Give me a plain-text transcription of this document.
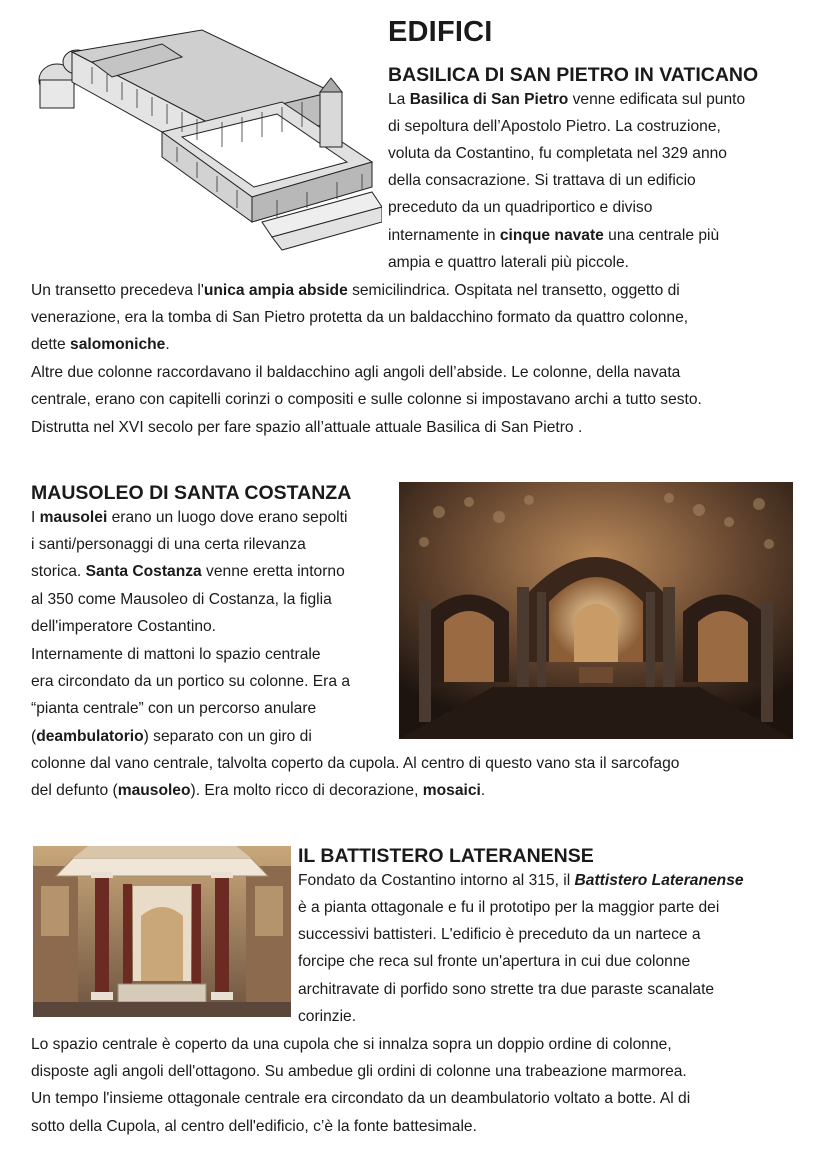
EDIFICI
BASILICA DI SAN PIETRO IN VATICANO
La Basilica di San Pietro venne edificata sul punto
di sepoltura dell’Apostolo Pietro. La costruzione,
voluta da Costantino, fu completata nel 329 anno
della consacrazione. Si trattava di un edificio
preceduto da un quadriportico e diviso
internamente in cinque navate una centrale più
ampia e quattro laterali più piccole.
Un transetto precedeva l'unica ampia abside semicilindrica. Ospitata nel transetto, oggetto di
venerazione, era la tomba di San Pietro protetta da un baldacchino formato da quattro colonne,
dette salomoniche.
Altre due colonne raccordavano il baldacchino agli angoli dell’abside. Le colonne, della navata
centrale, erano con capitelli corinzi o compositi e sulle colonne si impostavano archi a tutto sesto.
Distrutta nel XVI secolo per fare spazio all’attuale attuale Basilica di San Pietro .
MAUSOLEO DI SANTA COSTANZA
I mausolei erano un luogo dove erano sepolti
i santi/personaggi di una certa rilevanza
storica. Santa Costanza venne eretta intorno
al 350 come Mausoleo di Costanza, la figlia
dell'imperatore Costantino.
Internamente di mattoni lo spazio centrale
era circondato da un portico su colonne. Era a
“pianta centrale” con un percorso anulare
(deambulatorio) separato con un giro di
colonne dal vano centrale, talvolta coperto da cupola. Al centro di questo vano sta il sarcofago
del defunto (mausoleo). Era molto ricco di decorazione, mosaici.
IL BATTISTERO LATERANENSE
Fondato da Costantino intorno al 315, il Battistero Lateranense
è a pianta ottagonale e fu il prototipo per la maggior parte dei
successivi battisteri. L'edificio è preceduto da un nartece a
forcipe che reca sul fronte un'apertura in cui due colonne
architravate di porfido sono strette tra due paraste scanalate
corinzie.
Lo spazio centrale è coperto da una cupola che si innalza sopra un doppio ordine di colonne,
disposte agli angoli dell'ottagono. Su ambedue gli ordini di colonne una trabeazione marmorea.
Un tempo l'insieme ottagonale centrale era circondato da un deambulatorio voltato a botte. Al di
sotto della Cupola, al centro dell'edificio, c’è la fonte battesimale.
